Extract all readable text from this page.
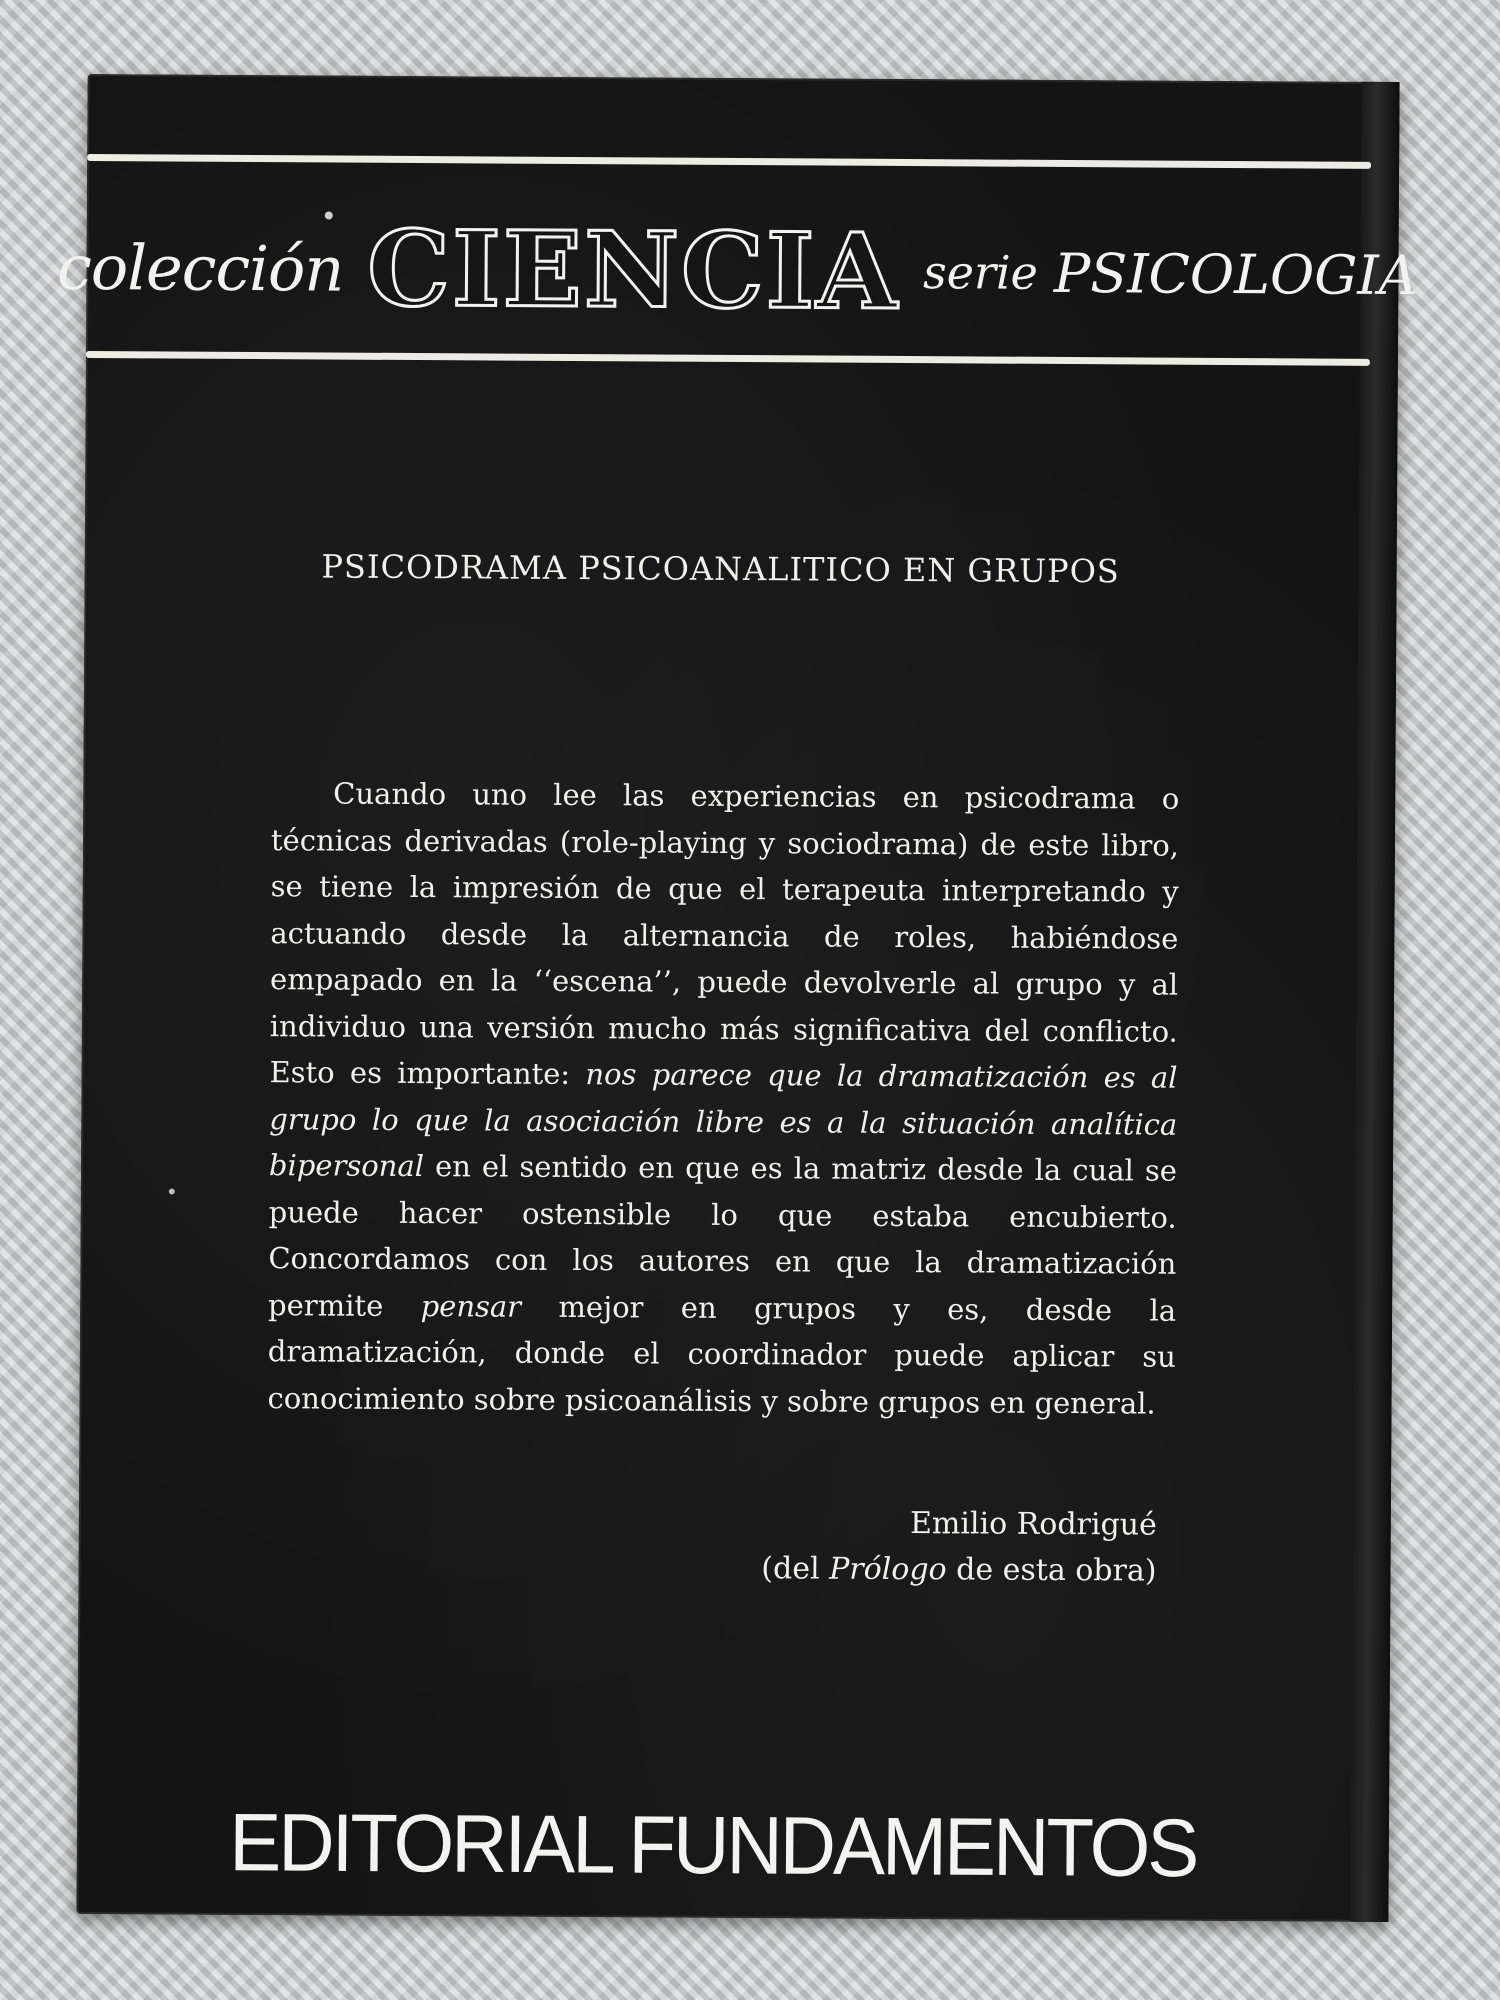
colección CIENCIA serie PSICOLOGIA
PSICODRAMA PSICOANALITICO EN GRUPOS

Cuando uno lee las experiencias en psicodrama o técnicas derivadas (role-playing y sociodrama) de este libro, se tiene la impresión de que el terapeuta interpretando y actuando desde la alternancia de roles, habiéndose empapado en la ‘‘escena’’, puede devolverle al grupo y al individuo una versión mucho más significativa del conflicto. Esto es importante: nos parece que la dramatización es al grupo lo que la asociación libre es a la situación analítica bipersonal en el sentido en que es la matriz desde la cual se puede hacer ostensible lo que estaba encubierto. Concordamos con los autores en que la dramatización permite pensar mejor en grupos y es, desde la dramatización, donde el coordinador puede aplicar su conocimiento sobre psicoanálisis y sobre grupos en general.

Emilio Rodrigué
(del Prólogo de esta obra)
EDITORIAL FUNDAMENTOS
